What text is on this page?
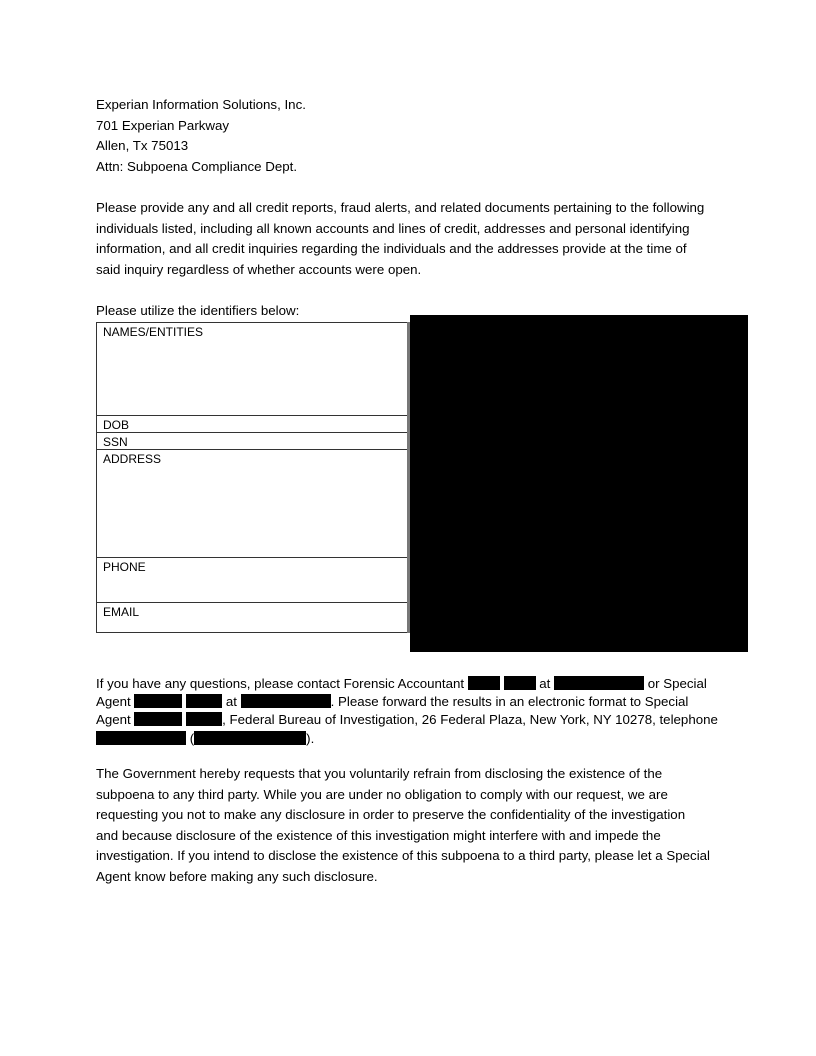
Experian Information Solutions, Inc.
701 Experian Parkway
Allen, Tx 75013
Attn: Subpoena Compliance Dept.
Please provide any and all credit reports, fraud alerts, and related documents pertaining to the following
individuals listed, including all known accounts and lines of credit, addresses and personal identifying
information, and all credit inquiries regarding the individuals and the addresses provide at the time of
said inquiry regardless of whether accounts were open.
Please utilize the identifiers below:
NAMES/ENTITIES
DOB
SSN
ADDRESS
PHONE
EMAIL
If you have any questions, please contact Forensic Accountant	at	or Special
Agent	at	. Please forward the results in an electronic format to Special
Agent	, Federal Bureau of Investigation, 26 Federal Plaza, New York, NY 10278, telephone
(	).
The Government hereby requests that you voluntarily refrain from disclosing the existence of the
subpoena to any third party. While you are under no obligation to comply with our request, we are
requesting you not to make any disclosure in order to preserve the confidentiality of the investigation
and because disclosure of the existence of this investigation might interfere with and impede the
investigation. If you intend to disclose the existence of this subpoena to a third party, please let a Special
Agent know before making any such disclosure.
